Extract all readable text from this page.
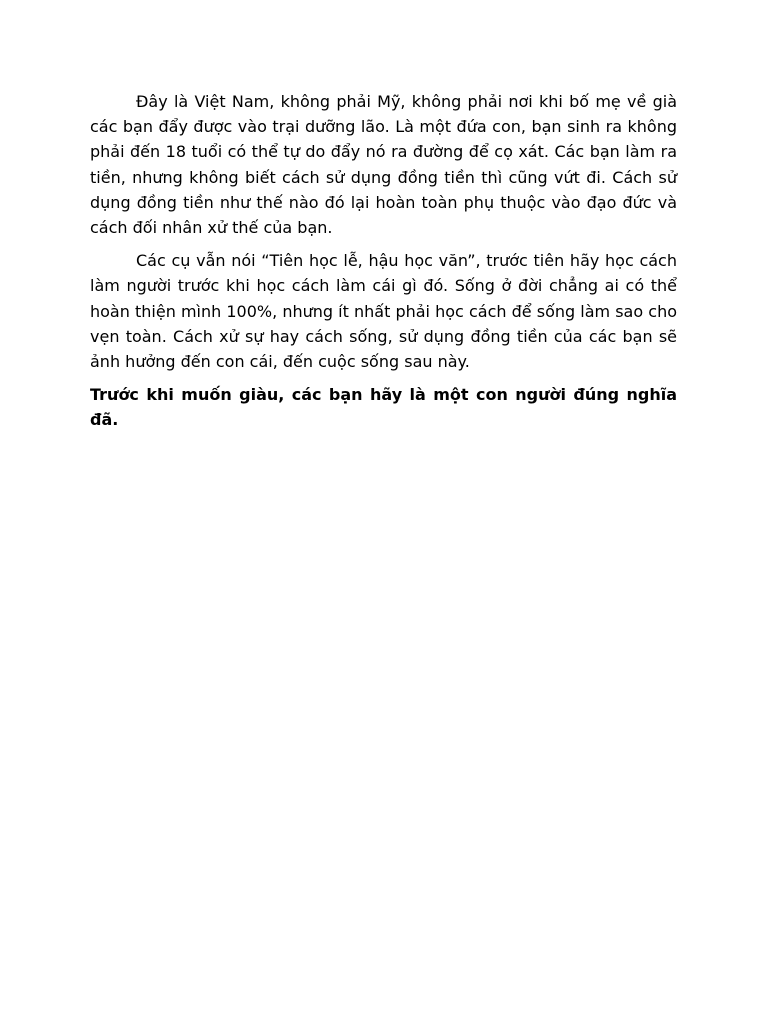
Đây là Việt Nam, không phải Mỹ, không phải nơi khi bố mẹ về già các bạn đẩy được vào trại dưỡng lão. Là một đứa con, bạn sinh ra không phải đến 18 tuổi có thể tự do đẩy nó ra đường để cọ xát. Các bạn làm ra tiền, nhưng không biết cách sử dụng đồng tiền thì cũng vứt đi. Cách sử dụng đồng tiền như thế nào đó lại hoàn toàn phụ thuộc vào đạo đức và cách đối nhân xử thế của bạn.

Các cụ vẫn nói “Tiên học lễ, hậu học văn”, trước tiên hãy học cách làm người trước khi học cách làm cái gì đó. Sống ở đời chẳng ai có thể hoàn thiện mình 100%, nhưng ít nhất phải học cách để sống làm sao cho vẹn toàn. Cách xử sự hay cách sống, sử dụng đồng tiền của các bạn sẽ ảnh hưởng đến con cái, đến cuộc sống sau này.

Trước khi muốn giàu, các bạn hãy là một con người đúng nghĩa đã.
